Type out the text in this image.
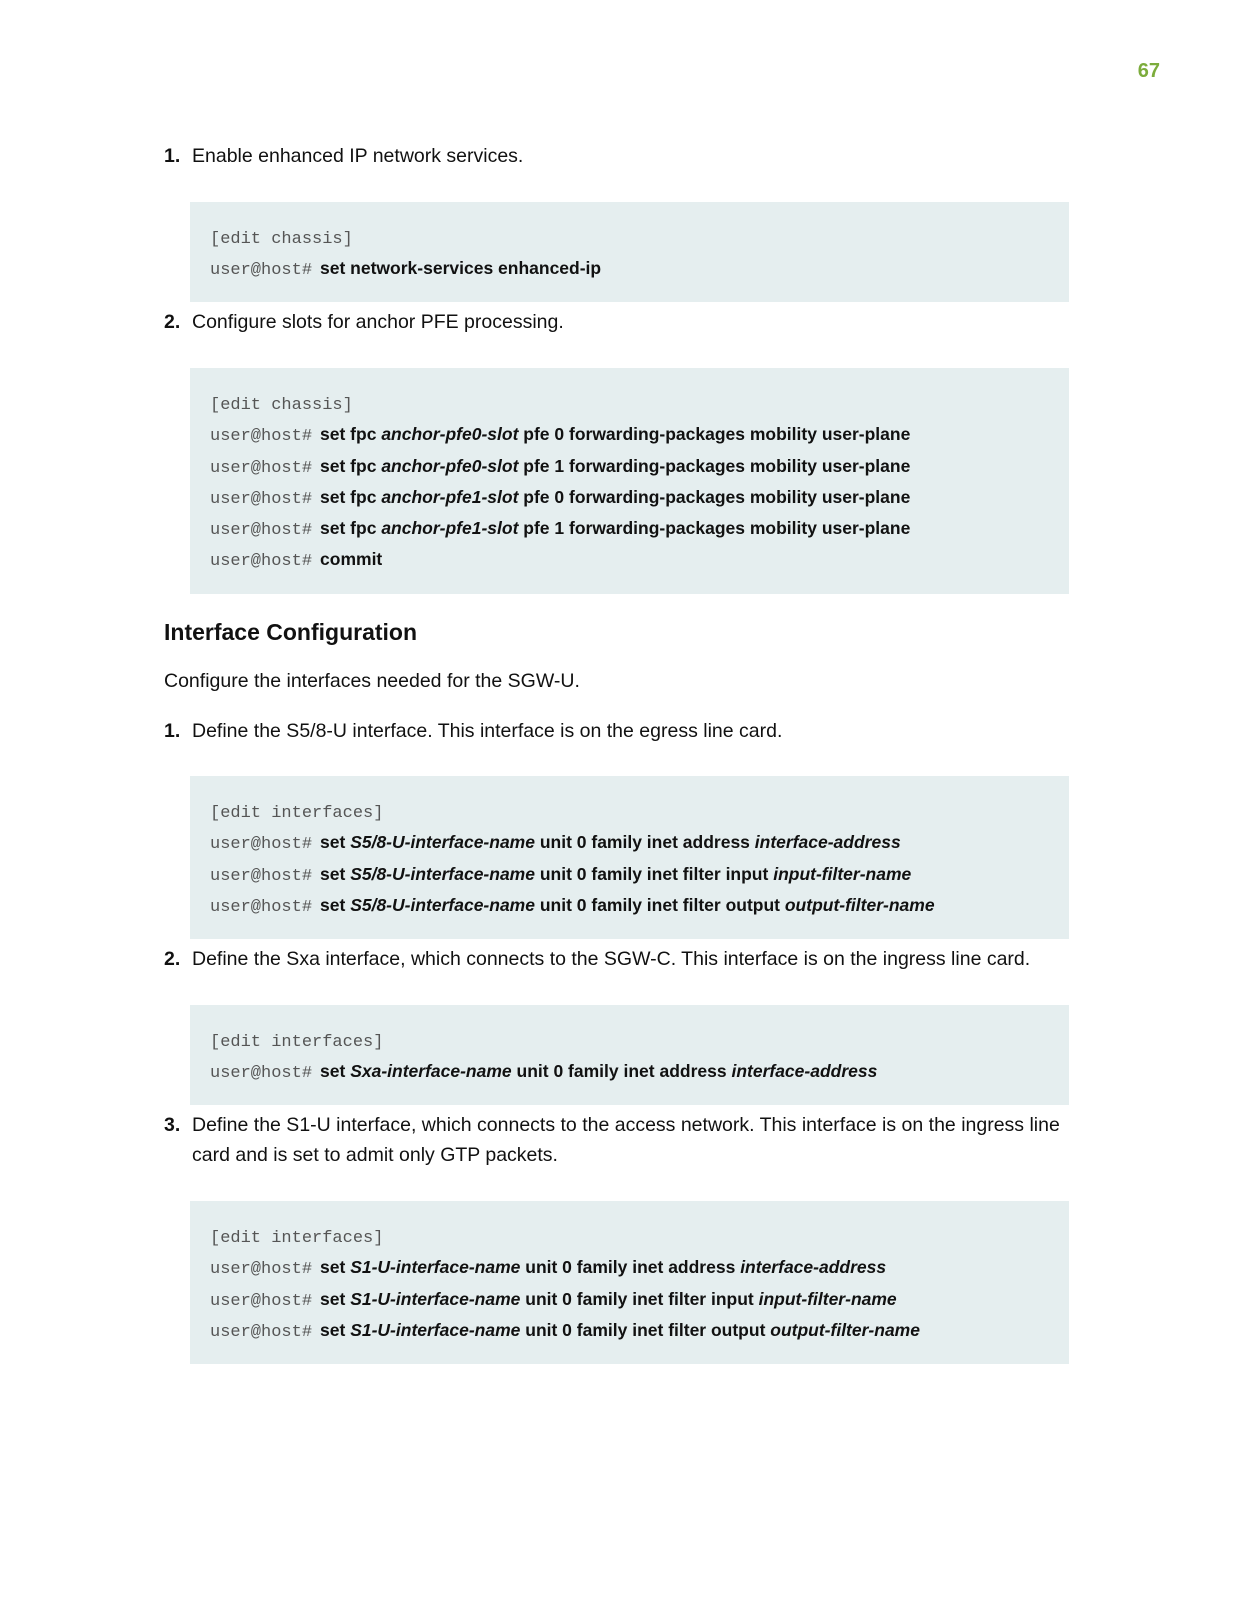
67
1. Enable enhanced IP network services.
[edit chassis]
user@host# set network-services enhanced-ip
2. Configure slots for anchor PFE processing.
[edit chassis]
user@host# set fpc anchor-pfe0-slot pfe 0 forwarding-packages mobility user-plane
user@host# set fpc anchor-pfe0-slot pfe 1 forwarding-packages mobility user-plane
user@host# set fpc anchor-pfe1-slot pfe 0 forwarding-packages mobility user-plane
user@host# set fpc anchor-pfe1-slot pfe 1 forwarding-packages mobility user-plane
user@host# commit
Interface Configuration
Configure the interfaces needed for the SGW-U.
1. Define the S5/8-U interface. This interface is on the egress line card.
[edit interfaces]
user@host# set S5/8-U-interface-name unit 0 family inet address interface-address
user@host# set S5/8-U-interface-name unit 0 family inet filter input input-filter-name
user@host# set S5/8-U-interface-name unit 0 family inet filter output output-filter-name
2. Define the Sxa interface, which connects to the SGW-C. This interface is on the ingress line card.
[edit interfaces]
user@host# set Sxa-interface-name unit 0 family inet address interface-address
3. Define the S1-U interface, which connects to the access network. This interface is on the ingress line card and is set to admit only GTP packets.
[edit interfaces]
user@host# set S1-U-interface-name unit 0 family inet address interface-address
user@host# set S1-U-interface-name unit 0 family inet filter input input-filter-name
user@host# set S1-U-interface-name unit 0 family inet filter output output-filter-name
